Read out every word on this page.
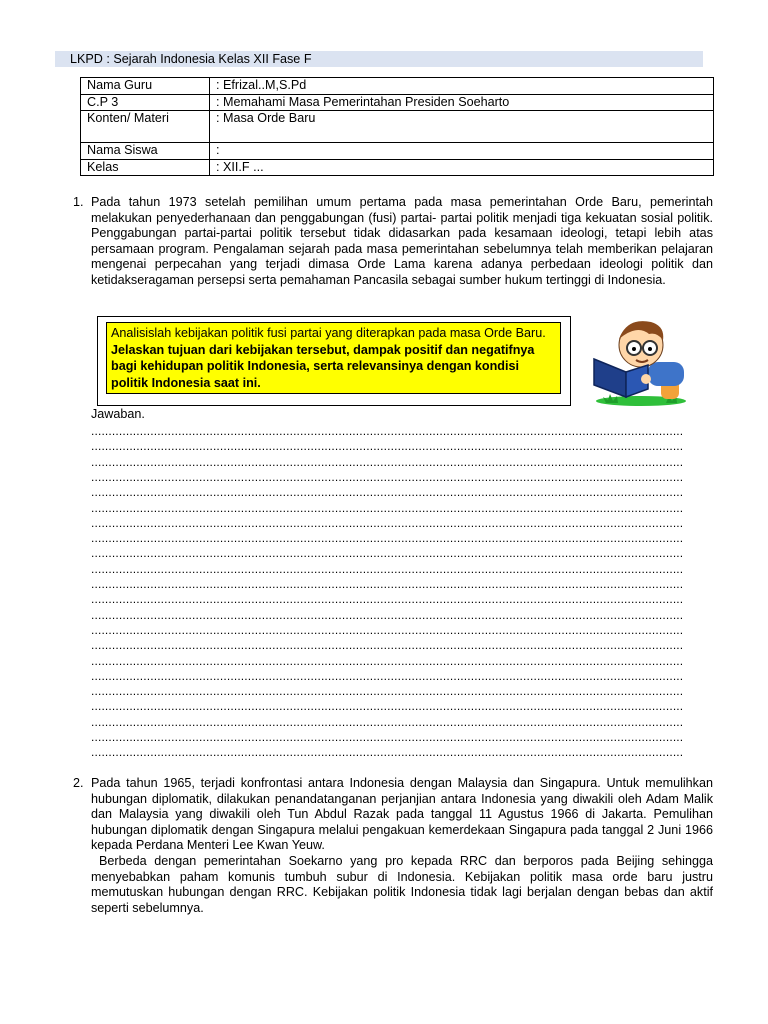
LKPD : Sejarah Indonesia Kelas XII Fase F
Nama Guru	: Efrizal..M,S.Pd
C.P 3	: Memahami Masa Pemerintahan Presiden Soeharto
Konten/ Materi	: Masa Orde Baru
Nama Siswa	:
Kelas	: XII.F ...
1. Pada tahun 1973 setelah pemilihan umum pertama pada masa pemerintahan Orde Baru, pemerintah melakukan penyederhanaan dan penggabungan (fusi) partai- partai politik menjadi tiga kekuatan sosial politik. Penggabungan partai-partai politik tersebut tidak didasarkan pada kesamaan ideologi, tetapi lebih atas persamaan program. Pengalaman sejarah pada masa pemerintahan sebelumnya telah memberikan pelajaran mengenai perpecahan yang terjadi dimasa Orde Lama karena adanya perbedaan ideologi politik dan ketidakseragaman persepsi serta pemahaman Pancasila sebagai sumber hukum tertinggi di Indonesia.
Analisislah kebijakan politik fusi partai yang diterapkan pada masa Orde Baru. Jelaskan tujuan dari kebijakan tersebut, dampak positif dan negatifnya bagi kehidupan politik Indonesia, serta relevansinya dengan kondisi politik Indonesia saat ini.
Jawaban.
..........................................................................................................................................................................
..........................................................................................................................................................................
..........................................................................................................................................................................
..........................................................................................................................................................................
..........................................................................................................................................................................
..........................................................................................................................................................................
..........................................................................................................................................................................
..........................................................................................................................................................................
..........................................................................................................................................................................
..........................................................................................................................................................................
..........................................................................................................................................................................
..........................................................................................................................................................................
..........................................................................................................................................................................
..........................................................................................................................................................................
..........................................................................................................................................................................
..........................................................................................................................................................................
..........................................................................................................................................................................
..........................................................................................................................................................................
..........................................................................................................................................................................
..........................................................................................................................................................................
..........................................................................................................................................................................
..........................................................................................................................................................................
2. Pada tahun 1965, terjadi konfrontasi antara Indonesia dengan Malaysia dan Singapura. Untuk memulihkan hubungan diplomatik, dilakukan penandatanganan perjanjian antara Indonesia yang diwakili oleh Adam Malik dan Malaysia yang diwakili oleh Tun Abdul Razak pada tanggal 11 Agustus 1966 di Jakarta. Pemulihan hubungan diplomatik dengan Singapura melalui pengakuan kemerdekaan Singapura pada tanggal 2 Juni 1966 kepada Perdana Menteri Lee Kwan Yeuw.
Berbeda dengan pemerintahan Soekarno yang pro kepada RRC dan berporos pada Beijing sehingga menyebabkan paham komunis tumbuh subur di Indonesia. Kebijakan politik masa orde baru justru memutuskan hubungan dengan RRC. Kebijakan politik Indonesia tidak lagi berjalan dengan bebas dan aktif seperti sebelumnya.
